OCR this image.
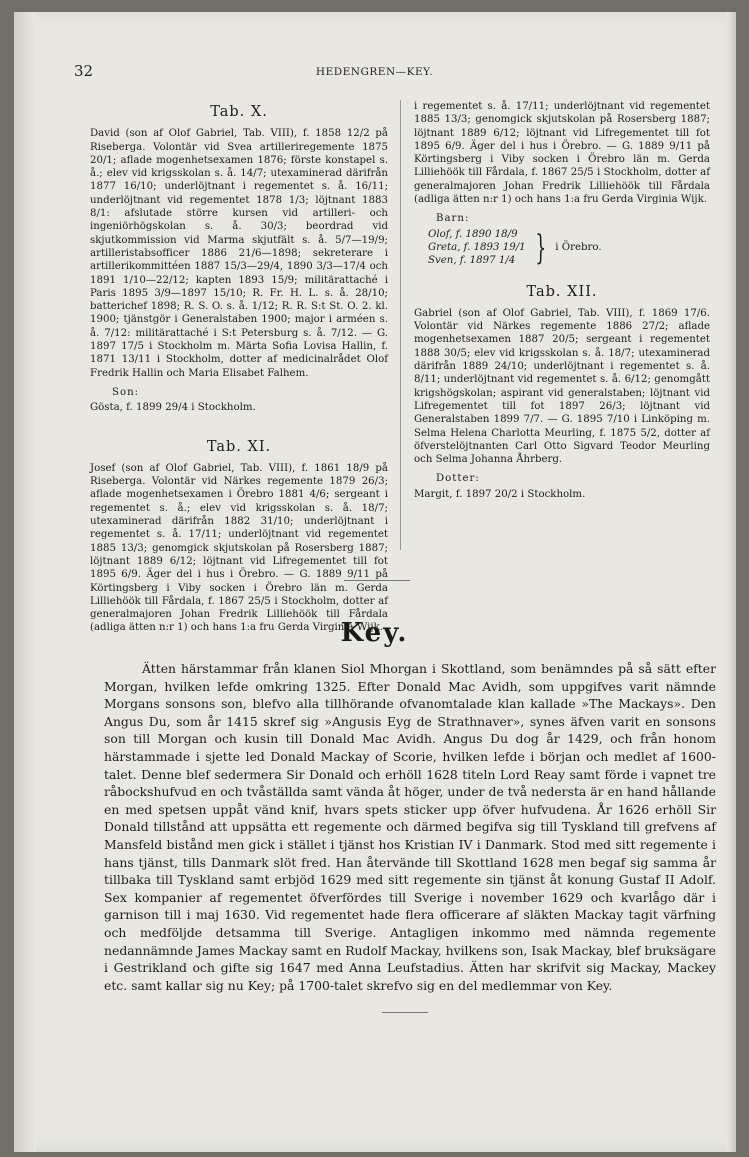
32	HEDENGREN—KEY.
Tab. X.

David (son af Olof Gabriel, Tab. VIII), f. 1858 12/2 på Riseberga. Volontär vid Svea artilleriregemente 1875 20/1; aflade mogenhetsexamen 1876; förste konstapel s. å.; elev vid krigsskolan s. å. 14/7; utexaminerad därifrån 1877 16/10; underlöjtnant i regementet s. å. 16/11; underlöjtnant vid regementet 1878 1/3; löjtnant 1883 8/1: afslutade större kursen vid artilleri- och ingeniörhögskolan s. å. 30/3; beordrad vid skjutkommission vid Marma skjutfält s. å. 5/7—19/9; artilleristabsofficer 1886 21/6—1898; sekreterare i artillerikommittéen 1887 15/3—29/4, 1890 3/3—17/4 och 1891 1/10—22/12; kapten 1893 15/9; militärattaché i Paris 1895 3/9—1897 15/10; R. Fr. H. L. s. å. 28/10; batterichef 1898; R. S. O. s. å. 1/12; R. R. S:t St. O. 2. kl. 1900; tjänstgör i Generalstaben 1900; major i arméen s. å. 7/12: militärattaché i S:t Petersburg s. å. 7/12. — G. 1897 17/5 i Stockholm m. Märta Sofia Lovisa Hallin, f. 1871 13/11 i Stockholm, dotter af medicinalrådet Olof Fredrik Hallin och Maria Elisabet Falhem.

Son:

Gösta, f. 1899 29/4 i Stockholm.

Tab. XI.

Josef (son af Olof Gabriel, Tab. VIII), f. 1861 18/9 på Riseberga. Volontär vid Närkes regemente 1879 26/3; aflade mogenhetsexamen i Örebro 1881 4/6; sergeant i regementet s. å.; elev vid krigsskolan s. å. 18/7; utexaminerad därifrån 1882 31/10; underlöjtnant i regementet s. å. 17/11; underlöjtnant vid regementet 1885 13/3; genomgick skjutskolan på Rosersberg 1887; löjtnant 1889 6/12; löjtnant vid Lifregementet till fot 1895 6/9. Äger del i hus i Örebro. — G. 1889 9/11 på Körtingsberg i Viby socken i Örebro län m. Gerda Lilliehöök till Fårdala, f. 1867 25/5 i Stockholm, dotter af generalmajoren Johan Fredrik Lilliehöök till Fårdala (adliga ätten n:r 1) och hans 1:a fru Gerda Virginia Wijk.

i regementet s. å. 17/11; underlöjtnant vid regementet 1885 13/3; genomgick skjutskolan på Rosersberg 1887; löjtnant 1889 6/12; löjtnant vid Lifregementet till fot 1895 6/9. Äger del i hus i Örebro. — G. 1889 9/11 på Körtingsberg i Viby socken i Örebro län m. Gerda Lilliehöök till Fårdala, f. 1867 25/5 i Stockholm, dotter af generalmajoren Johan Fredrik Lilliehöök till Fårdala (adliga ätten n:r 1) och hans 1:a fru Gerda Virginia Wijk.

Barn:
Olof, f. 1890 18/9
Greta, f. 1893 19/1
Sven, f. 1897 1/4 } i Örebro.
Tab. XII.

Gabriel (son af Olof Gabriel, Tab. VIII), f. 1869 17/6. Volontär vid Närkes regemente 1886 27/2; aflade mogenhetsexamen 1887 20/5; sergeant i regementet 1888 30/5; elev vid krigsskolan s. å. 18/7; utexaminerad därifrån 1889 24/10; underlöjtnant i regementet s. å. 8/11; underlöjtnant vid regementet s. å. 6/12; genomgått krigshögskolan; aspirant vid generalstaben; löjtnant vid Lifregementet till fot 1897 26/3; löjtnant vid Generalstaben 1899 7/7. — G. 1895 7/10 i Linköping m. Selma Helena Charlotta Meurling, f. 1875 5/2, dotter af öfverstelöjtnanten Carl Otto Sigvard Teodor Meurling och Selma Johanna Åhrberg.

Dotter:

Margit, f. 1897 20/2 i Stockholm.

Key.

Ätten härstammar från klanen Siol Mhorgan i Skottland, som benämndes på så sätt efter Morgan, hvilken lefde omkring 1325. Efter Donald Mac Avidh, som uppgifves varit nämnde Morgans sonsons son, blefvo alla tillhörande ofvanomtalade klan kallade »The Mackays». Den Angus Du, som år 1415 skref sig »Angusis Eyg de Strathnaver», synes äfven varit en sonsons son till Morgan och kusin till Donald Mac Avidh. Angus Du dog år 1429, och från honom härstammade i sjette led Donald Mackay of Scorie, hvilken lefde i början och medlet af 1600-talet. Denne blef sedermera Sir Donald och erhöll 1628 titeln Lord Reay samt förde i vapnet tre råbockshufvud en och tvåställda samt vända åt höger, under de två nedersta är en hand hållande en med spetsen uppåt vänd knif, hvars spets sticker upp öfver hufvudena. År 1626 erhöll Sir Donald tillstånd att uppsätta ett regemente och därmed begifva sig till Tyskland till grefvens af Mansfeld bistånd men gick i stället i tjänst hos Kristian IV i Danmark. Stod med sitt regemente i hans tjänst, tills Danmark slöt fred. Han återvände till Skottland 1628 men begaf sig samma år tillbaka till Tyskland samt erbjöd 1629 med sitt regemente sin tjänst åt konung Gustaf II Adolf. Sex kompanier af regementet öfverfördes till Sverige i november 1629 och kvarlågo där i garnison till i maj 1630. Vid regementet hade flera officerare af släkten Mackay tagit värfning och medföljde detsamma till Sverige. Antagligen inkommo med nämnda regemente nedannämnde James Mackay samt en Rudolf Mackay, hvilkens son, Isak Mackay, blef bruksägare i Gestrikland och gifte sig 1647 med Anna Leufstadius. Ätten har skrifvit sig Mackay, Mackey etc. samt kallar sig nu Key; på 1700-talet skrefvo sig en del medlemmar von Key.
